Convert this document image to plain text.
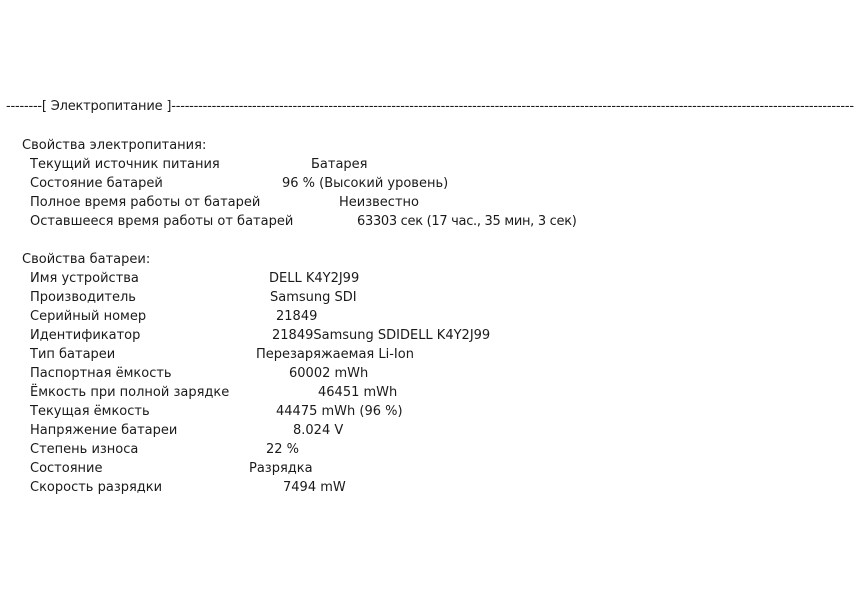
--------[ Электропитание ]--------------------------------------------------------------------------------------------------------------------------------------------------------
Свойства электропитания:
Текущий источник питания	Батарея
Состояние батарей	96 % (Высокий уровень)
Полное время работы от батарей	Неизвестно
Оставшееся время работы от батарей	63303 сек (17 час., 35 мин, 3 сек)
Свойства батареи:
Имя устройства	DELL K4Y2J99
Производитель	Samsung SDI
Серийный номер	21849
Идентификатор	21849Samsung SDIDELL K4Y2J99
Тип батареи	Перезаряжаемая Li-Ion
Паспортная ёмкость	60002 mWh
Ёмкость при полной зарядке	46451 mWh
Текущая ёмкость	44475 mWh (96 %)
Напряжение батареи	8.024 V
Степень износа	22 %
Состояние	Разрядка
Скорость разрядки	7494 mW
